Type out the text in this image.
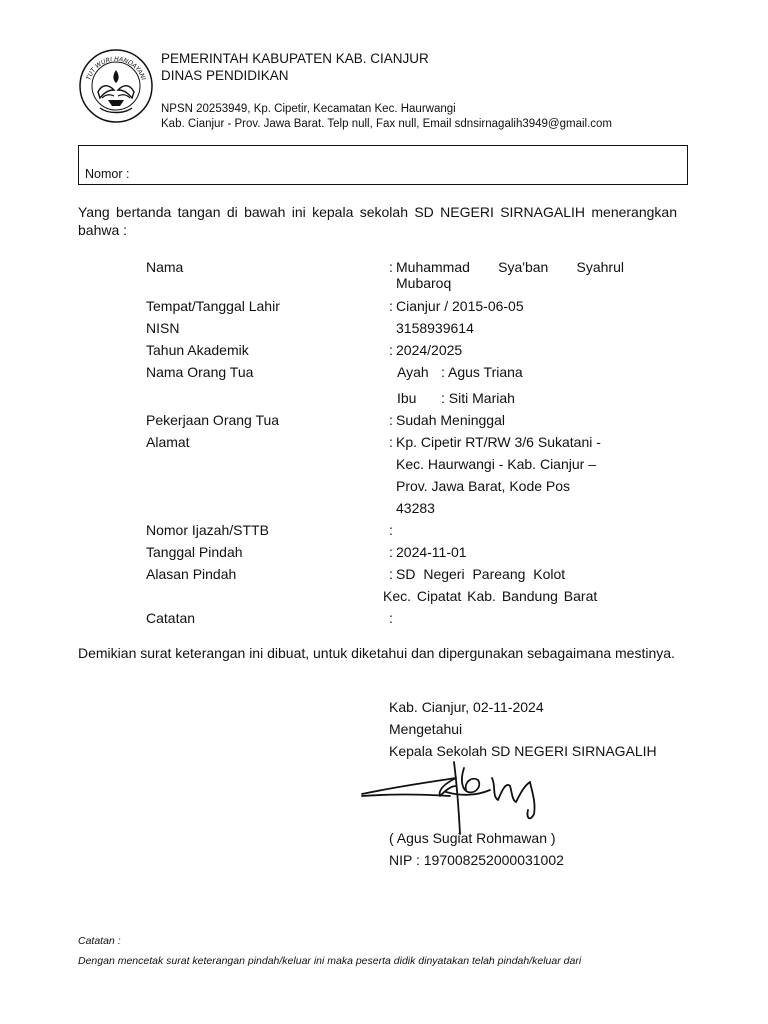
TUT WURI HANDAYANI
PEMERINTAH KABUPATEN KAB. CIANJUR
DINAS PENDIDIKAN
NPSN 20253949, Kp. Cipetir, Kecamatan Kec. Haurwangi
Kab. Cianjur - Prov. Jawa Barat. Telp null, Fax null, Email sdnsirnagalih3949@gmail.com
Nomor :
Yang bertanda tangan di bawah ini kepala sekolah SD NEGERI SIRNAGALIH menerangkan bahwa :
Nama	: Muhammad Sya'ban Syahrul
Mubaroq
Tempat/Tanggal Lahir	: Cianjur / 2015-06-05
NISN	3158939614
Tahun Akademik	: 2024/2025
Nama Orang Tua	Ayah : Agus Triana
Ibu : Siti Mariah
Pekerjaan Orang Tua	: Sudah Meninggal
Alamat	: Kp. Cipetir RT/RW 3/6 Sukatani -
Kec. Haurwangi - Kab. Cianjur –
Prov. Jawa Barat, Kode Pos
43283
Nomor Ijazah/STTB	:
Tanggal Pindah	: 2024-11-01
Alasan Pindah	: SD Negeri Pareang Kolot
Kec. Cipatat Kab. Bandung Barat
Catatan	:
Demikian surat keterangan ini dibuat, untuk diketahui dan dipergunakan sebagaimana mestinya.
Kab. Cianjur, 02-11-2024
Mengetahui
Kepala Sekolah SD NEGERI SIRNAGALIH
( Agus Sugiat Rohmawan )
NIP : 197008252000031002
Catatan :
Dengan mencetak surat keterangan pindah/keluar ini maka peserta didik dinyatakan telah pindah/keluar dari
